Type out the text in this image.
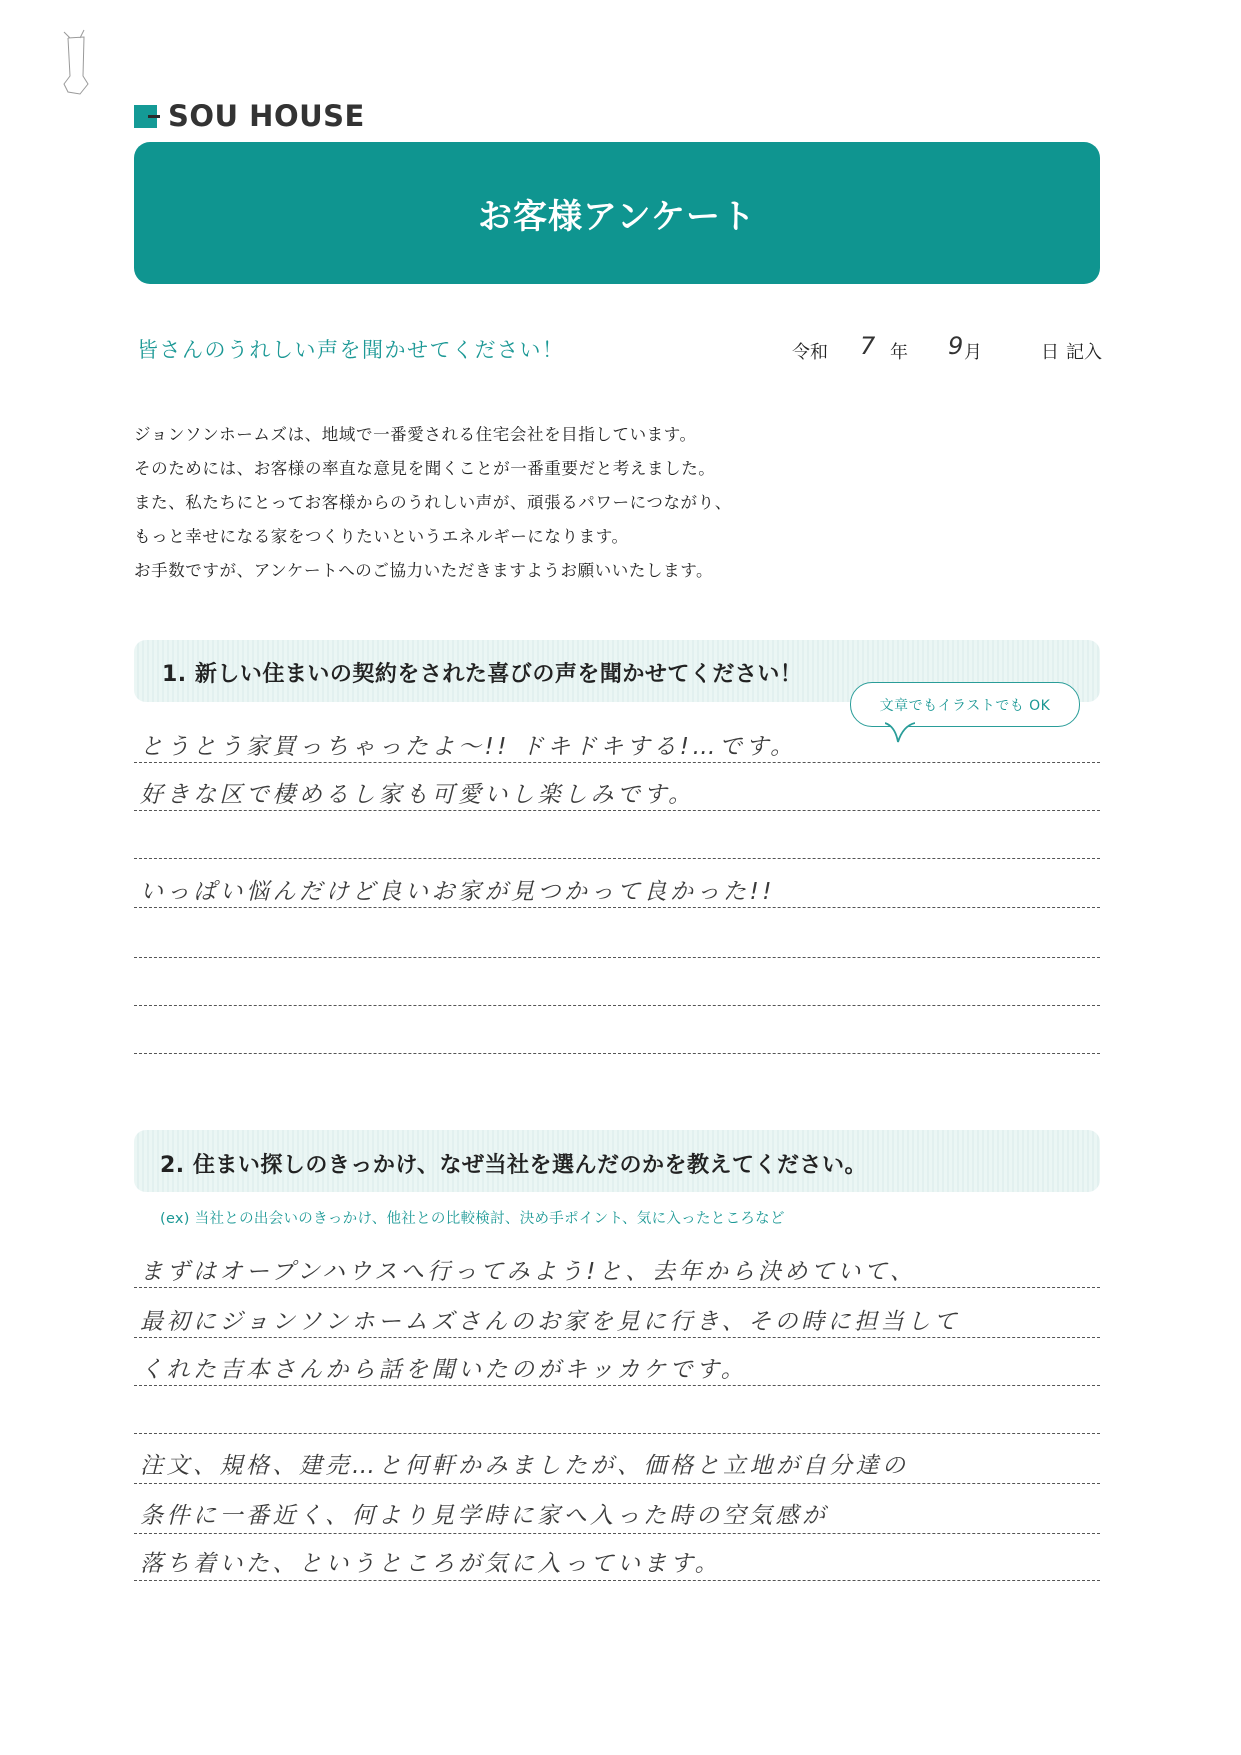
SOU HOUSE
お客様アンケート
皆さんのうれしい声を聞かせてください！	令和 7 年 9 月	日 記入
ジョンソンホームズは、地域で一番愛される住宅会社を目指しています。
そのためには、お客様の率直な意見を聞くことが一番重要だと考えました。
また、私たちにとってお客様からのうれしい声が、頑張るパワーにつながり、
もっと幸せになる家をつくりたいというエネルギーになります。
お手数ですが、アンケートへのご協力いただきますようお願いいたします。
1. 新しい住まいの契約をされた喜びの声を聞かせてください！
文章でもイラストでも OK
とうとう家買っちゃったよ〜!! ドキドキする!…です。
好きな区で棲めるし家も可愛いし楽しみです。
いっぱい悩んだけど良いお家が見つかって良かった!!
2. 住まい探しのきっかけ、なぜ当社を選んだのかを教えてください。
(ex) 当社との出会いのきっかけ、他社との比較検討、決め手ポイント、気に入ったところなど
まずはオープンハウスへ行ってみよう!と、去年から決めていて、
最初にジョンソンホームズさんのお家を見に行き、その時に担当して
くれた吉本さんから話を聞いたのがキッカケです。
注文、規格、建売…と何軒かみましたが、価格と立地が自分達の
条件に一番近く、何より見学時に家へ入った時の空気感が
落ち着いた、というところが気に入っています。
